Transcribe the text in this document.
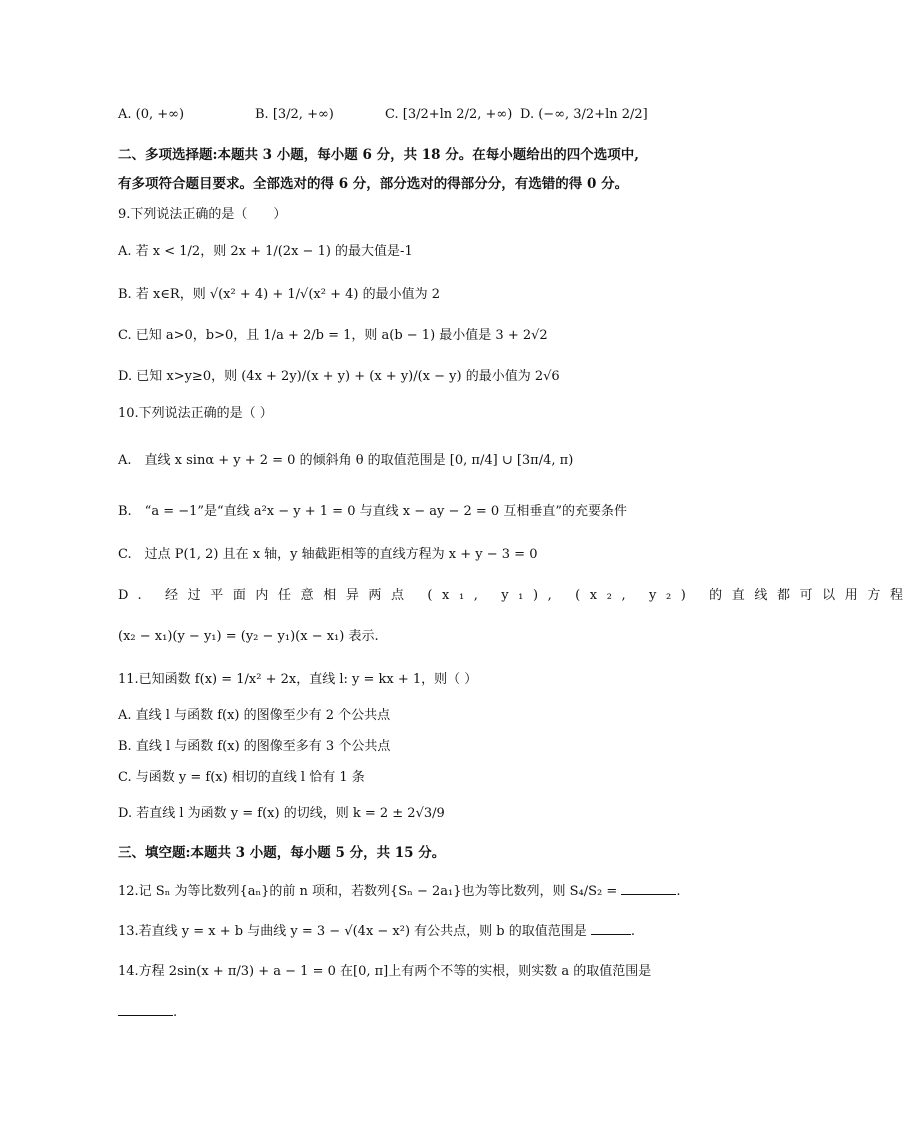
A. (0, +∞)	B. [3/2, +∞)	C. [3/2+ln 2/2, +∞) D. (−∞, 3/2+ln 2/2]
二、多项选择题:本题共 3 小题，每小题 6 分，共 18 分。在每小题给出的四个选项中,
有多项符合题目要求。全部选对的得 6 分，部分选对的得部分分，有选错的得 0 分。
9.下列说法正确的是（　　）
A. 若 x < 1/2，则 2x + 1/(2x − 1) 的最大值是-1
B. 若 x∈R，则 √(x² + 4) + 1/√(x² + 4) 的最小值为 2
C. 已知 a>0，b>0，且 1/a + 2/b = 1，则 a(b − 1) 最小值是 3 + 2√2
D. 已知 x>y≥0，则 (4x + 2y)/(x + y) + (x + y)/(x − y) 的最小值为 2√6
10.下列说法正确的是（ ）
A.　直线 x sinα + y + 2 = 0 的倾斜角 θ 的取值范围是 [0, π/4] ∪ [3π/4, π)
B.　“a = −1”是“直线 a²x − y + 1 = 0 与直线 x − ay − 2 = 0 互相垂直”的充要条件
C.　过点 P(1, 2) 且在 x 轴，y 轴截距相等的直线方程为 x + y − 3 = 0
D. 经过平面内任意相异两点 (x₁, y₁), (x₂, y₂) 的直线都可以用方程
(x₂ − x₁)(y − y₁) = (y₂ − y₁)(x − x₁) 表示.
11.已知函数 f(x) = 1/x² + 2x，直线 l: y = kx + 1，则（ ）
A. 直线 l 与函数 f(x) 的图像至少有 2 个公共点
B. 直线 l 与函数 f(x) 的图像至多有 3 个公共点
C. 与函数 y = f(x) 相切的直线 l 恰有 1 条
D. 若直线 l 为函数 y = f(x) 的切线，则 k = 2 ± 2√3/9
三、填空题:本题共 3 小题，每小题 5 分，共 15 分。
12.记 Sₙ 为等比数列{aₙ}的前 n 项和，若数列{Sₙ − 2a₁}也为等比数列，则 S₄/S₂ =	.
13.若直线 y = x + b 与曲线 y = 3 − √(4x − x²) 有公共点，则 b 的取值范围是	.
14.方程 2sin(x + π/3) + a − 1 = 0 在[0, π]上有两个不等的实根，则实数 a 的取值范围是
.
